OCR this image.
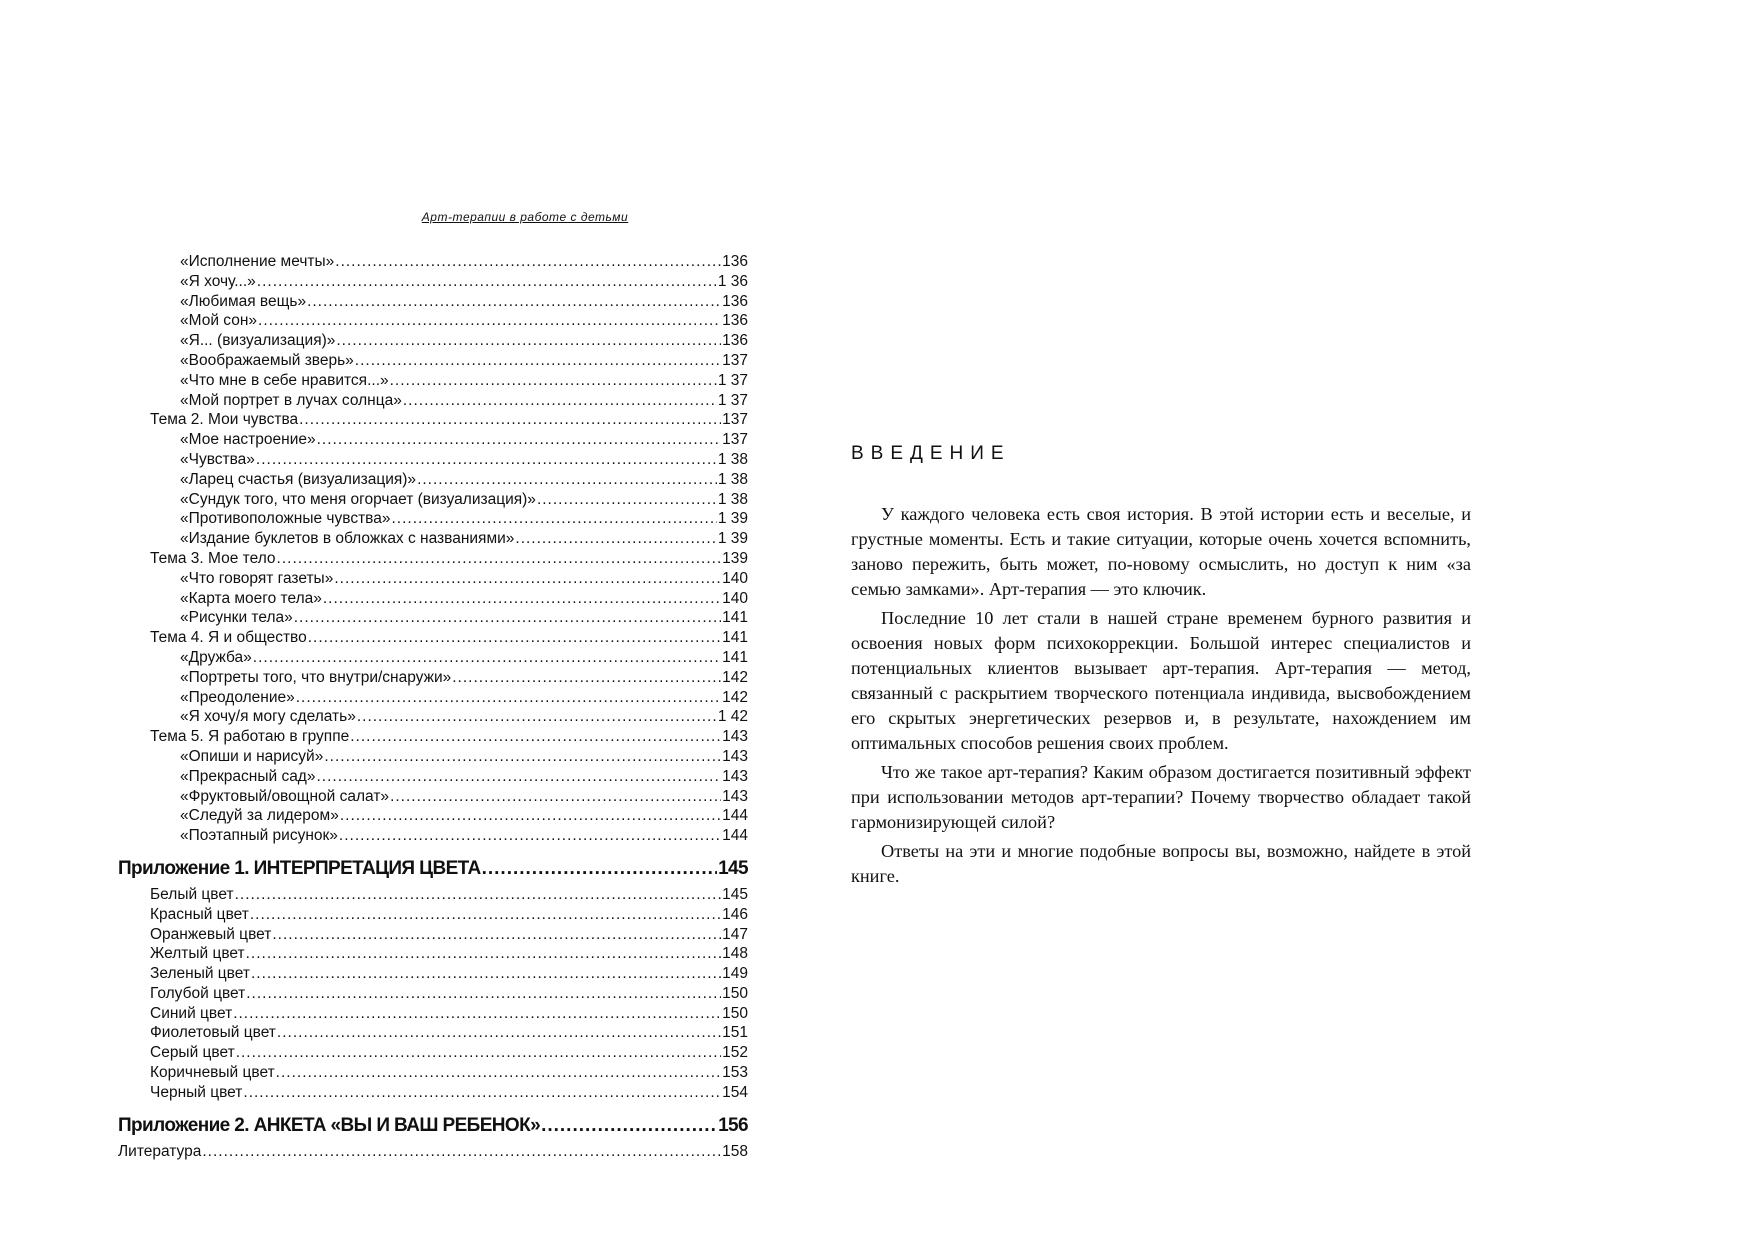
Арт-терапии в работе с детьми
«Исполнение мечты» .....	136
«Я хочу...» .....	1 36
«Любимая вещь» .....	136
«Мой сон» .....	136
«Я... (визуализация)» .....	136
«Воображаемый зверь» .....	137
«Что мне в себе нравится...» .....	1 37
«Мой портрет в лучах солнца» .....	1 37
Тема 2. Мои чувства .....	137
«Мое настроение» .....	137
«Чувства» .....	1 38
«Ларец счастья (визуализация)» .....	1 38
«Сундук того, что меня огорчает (визуализация)» .....	1 38
«Противоположные чувства» .....	1 39
«Издание буклетов в обложках с названиями» .....	1 39
Тема 3. Мое тело .....	139
«Что говорят газеты» .....	140
«Карта моего тела» .....	140
«Рисунки тела» .....	141
Тема 4. Я и общество .....	141
«Дружба» .....	141
«Портреты того, что внутри/снаружи» .....	142
«Преодоление» .....	142
«Я хочу/я могу сделать» .....	1 42
Тема 5. Я работаю в группе .....	143
«Опиши и нарисуй» .....	143
«Прекрасный сад» .....	143
«Фруктовый/овощной салат» .....	143
«Следуй за лидером» .....	144
«Поэтапный рисунок» .....	144
Приложение 1. ИНТЕРПРЕТАЦИЯ ЦВЕТА .....	145
Белый цвет .....	145
Красный цвет .....	146
Оранжевый цвет .....	147
Желтый цвет .....	148
Зеленый цвет .....	149
Голубой цвет .....	150
Синий цвет .....	150
Фиолетовый цвет .....	151
Серый цвет .....	152
Коричневый цвет .....	153
Черный цвет .....	154
Приложение 2. АНКЕТА «ВЫ И ВАШ РЕБЕНОК» .....	156
Литература .....	158
ВВЕДЕНИЕ

У каждого человека есть своя история. В этой истории есть и веселые, и грустные моменты. Есть и такие ситуации, которые очень хочется вспомнить, заново пережить, быть может, по-новому осмыслить, но доступ к ним «за семью замками». Арт-терапия — это ключик.

Последние 10 лет стали в нашей стране временем бурного развития и освоения новых форм психокоррекции. Большой интерес специалистов и потенциальных клиентов вызывает арт-терапия. Арт-терапия — метод, связанный с раскрытием творческого потенциала индивида, высвобождением его скрытых энергетических резервов и, в результате, нахождением им оптимальных способов решения своих проблем.

Что же такое арт-терапия? Каким образом достигается позитивный эффект при использовании методов арт-терапии? Почему творчество обладает такой гармонизирующей силой?

Ответы на эти и многие подобные вопросы вы, возможно, найдете в этой книге.
